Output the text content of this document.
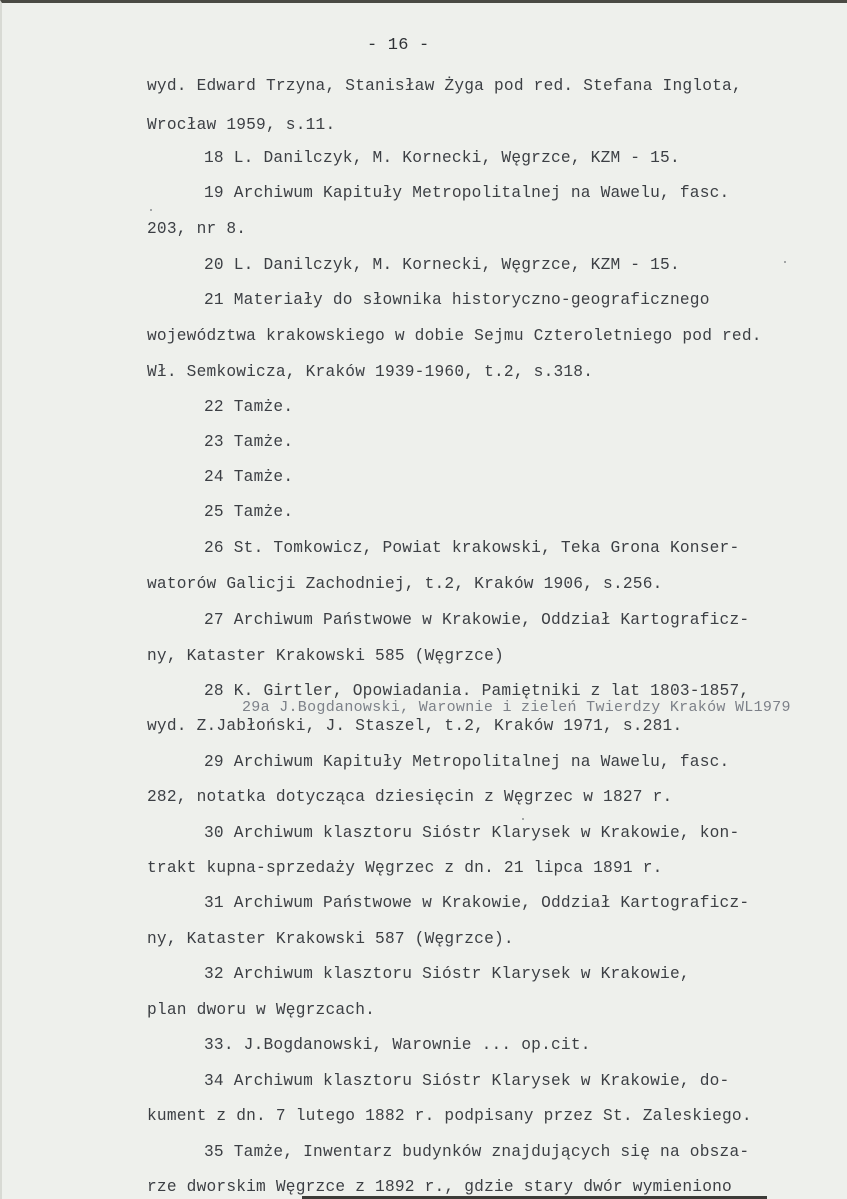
- 16 -
wyd. Edward Trzyna, Stanisław Żyga pod red. Stefana Inglota,
Wrocław 1959, s.11.
18 L. Danilczyk, M. Kornecki, Węgrzce, KZM - 15.
19 Archiwum Kapituły Metropolitalnej na Wawelu, fasc.
203, nr 8.
20 L. Danilczyk, M. Kornecki, Węgrzce, KZM - 15.
21 Materiały do słownika historyczno-geograficznego
województwa krakowskiego w dobie Sejmu Czteroletniego pod red.
Wł. Semkowicza, Kraków 1939-1960, t.2, s.318.
22 Tamże.
23 Tamże.
24 Tamże.
25 Tamże.
26 St. Tomkowicz, Powiat krakowski, Teka Grona Konser-
watorów Galicji Zachodniej, t.2, Kraków 1906, s.256.
27 Archiwum Państwowe w Krakowie, Oddział Kartograficz-
ny, Kataster Krakowski 585 (Węgrzce)
28 K. Girtler, Opowiadania. Pamiętniki z lat 1803-1857,
wyd. Z.Jabłoński, J. Staszel, t.2, Kraków 1971, s.281.
29 Archiwum Kapituły Metropolitalnej na Wawelu, fasc.
282, notatka dotycząca dziesięcin z Węgrzec w 1827 r.
30 Archiwum klasztoru Sióstr Klarysek w Krakowie, kon-
trakt kupna-sprzedaży Węgrzec z dn. 21 lipca 1891 r.
31 Archiwum Państwowe w Krakowie, Oddział Kartograficz-
ny, Kataster Krakowski 587 (Węgrzce).
32 Archiwum klasztoru Sióstr Klarysek w Krakowie,
plan dworu w Węgrzcach.
33. J.Bogdanowski, Warownie ... op.cit.
34 Archiwum klasztoru Sióstr Klarysek w Krakowie, do-
kument z dn. 7 lutego 1882 r. podpisany przez St. Zaleskiego.
35 Tamże, Inwentarz budynków znajdujących się na obsza-
rze dworskim Węgrzce z 1892 r., gdzie stary dwór wymieniono
29a J.Bogdanowski, Warownie i zieleń Twierdzy Kraków WL1979
